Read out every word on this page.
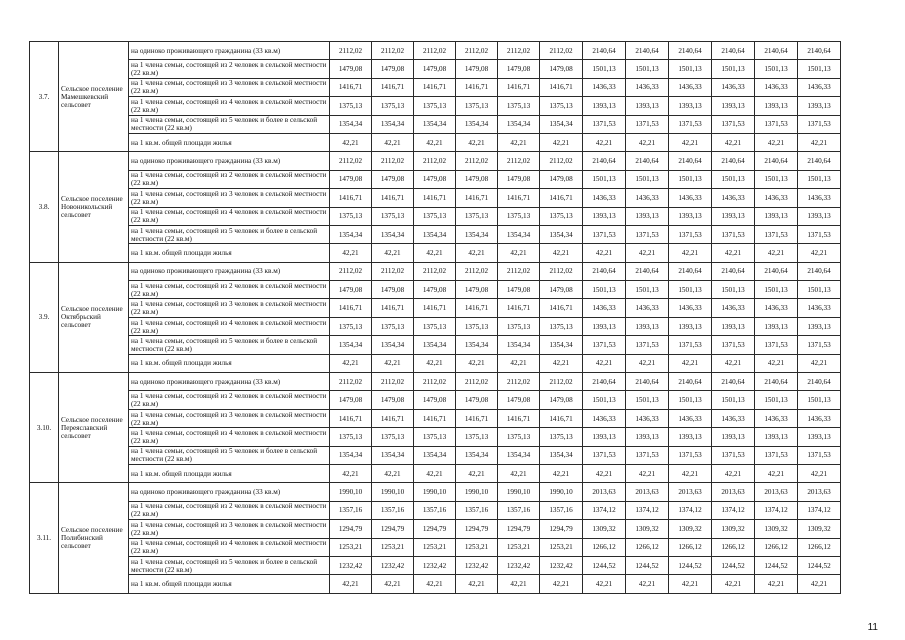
3.7.	Сельское поселение Мамешкевский сельсовет	на одиноко проживающего гражданина (33 кв.м)	2112,02	2112,02	2112,02	2112,02	2112,02	2112,02	2140,64	2140,64	2140,64	2140,64	2140,64	2140,64
		на 1 члена семьи, состоящей из 2 человек в сельской местности (22 кв.м)	1479,08	1479,08	1479,08	1479,08	1479,08	1479,08	1501,13	1501,13	1501,13	1501,13	1501,13	1501,13
		на 1 члена семьи, состоящей из 3 человек в сельской местности (22 кв.м)	1416,71	1416,71	1416,71	1416,71	1416,71	1416,71	1436,33	1436,33	1436,33	1436,33	1436,33	1436,33
		на 1 члена семьи, состоящей из 4 человек в сельской местности (22 кв.м)	1375,13	1375,13	1375,13	1375,13	1375,13	1375,13	1393,13	1393,13	1393,13	1393,13	1393,13	1393,13
		на 1 члена семьи, состоящей из 5 человек и более в сельской местности (22 кв.м)	1354,34	1354,34	1354,34	1354,34	1354,34	1354,34	1371,53	1371,53	1371,53	1371,53	1371,53	1371,53
		на 1 кв.м. общей площади жилья	42,21	42,21	42,21	42,21	42,21	42,21	42,21	42,21	42,21	42,21	42,21	42,21
3.8.	Сельское поселение Новоникольский сельсовет	на одиноко проживающего гражданина (33 кв.м)	2112,02	2112,02	2112,02	2112,02	2112,02	2112,02	2140,64	2140,64	2140,64	2140,64	2140,64	2140,64
		на 1 члена семьи, состоящей из 2 человек в сельской местности (22 кв.м)	1479,08	1479,08	1479,08	1479,08	1479,08	1479,08	1501,13	1501,13	1501,13	1501,13	1501,13	1501,13
		на 1 члена семьи, состоящей из 3 человек в сельской местности (22 кв.м)	1416,71	1416,71	1416,71	1416,71	1416,71	1416,71	1436,33	1436,33	1436,33	1436,33	1436,33	1436,33
		на 1 члена семьи, состоящей из 4 человек в сельской местности (22 кв.м)	1375,13	1375,13	1375,13	1375,13	1375,13	1375,13	1393,13	1393,13	1393,13	1393,13	1393,13	1393,13
		на 1 члена семьи, состоящей из 5 человек и более в сельской местности (22 кв.м)	1354,34	1354,34	1354,34	1354,34	1354,34	1354,34	1371,53	1371,53	1371,53	1371,53	1371,53	1371,53
		на 1 кв.м. общей площади жилья	42,21	42,21	42,21	42,21	42,21	42,21	42,21	42,21	42,21	42,21	42,21	42,21
3.9.	Сельское поселение Октябрьский сельсовет	на одиноко проживающего гражданина (33 кв.м)	2112,02	2112,02	2112,02	2112,02	2112,02	2112,02	2140,64	2140,64	2140,64	2140,64	2140,64	2140,64
		на 1 члена семьи, состоящей из 2 человек в сельской местности (22 кв.м)	1479,08	1479,08	1479,08	1479,08	1479,08	1479,08	1501,13	1501,13	1501,13	1501,13	1501,13	1501,13
		на 1 члена семьи, состоящей из 3 человек в сельской местности (22 кв.м)	1416,71	1416,71	1416,71	1416,71	1416,71	1416,71	1436,33	1436,33	1436,33	1436,33	1436,33	1436,33
		на 1 члена семьи, состоящей из 4 человек в сельской местности (22 кв.м)	1375,13	1375,13	1375,13	1375,13	1375,13	1375,13	1393,13	1393,13	1393,13	1393,13	1393,13	1393,13
		на 1 члена семьи, состоящей из 5 человек и более в сельской местности (22 кв.м)	1354,34	1354,34	1354,34	1354,34	1354,34	1354,34	1371,53	1371,53	1371,53	1371,53	1371,53	1371,53
		на 1 кв.м. общей площади жилья	42,21	42,21	42,21	42,21	42,21	42,21	42,21	42,21	42,21	42,21	42,21	42,21
3.10.	Сельское поселение Переяславский сельсовет	на одиноко проживающего гражданина (33 кв.м)	2112,02	2112,02	2112,02	2112,02	2112,02	2112,02	2140,64	2140,64	2140,64	2140,64	2140,64	2140,64
		на 1 члена семьи, состоящей из 2 человек в сельской местности (22 кв.м)	1479,08	1479,08	1479,08	1479,08	1479,08	1479,08	1501,13	1501,13	1501,13	1501,13	1501,13	1501,13
		на 1 члена семьи, состоящей из 3 человек в сельской местности (22 кв.м)	1416,71	1416,71	1416,71	1416,71	1416,71	1416,71	1436,33	1436,33	1436,33	1436,33	1436,33	1436,33
		на 1 члена семьи, состоящей из 4 человек в сельской местности (22 кв.м)	1375,13	1375,13	1375,13	1375,13	1375,13	1375,13	1393,13	1393,13	1393,13	1393,13	1393,13	1393,13
		на 1 члена семьи, состоящей из 5 человек и более в сельской местности (22 кв.м)	1354,34	1354,34	1354,34	1354,34	1354,34	1354,34	1371,53	1371,53	1371,53	1371,53	1371,53	1371,53
		на 1 кв.м. общей площади жилья	42,21	42,21	42,21	42,21	42,21	42,21	42,21	42,21	42,21	42,21	42,21	42,21
3.11.	Сельское поселение Полибинский сельсовет	на одиноко проживающего гражданина (33 кв.м)	1990,10	1990,10	1990,10	1990,10	1990,10	1990,10	2013,63	2013,63	2013,63	2013,63	2013,63	2013,63
		на 1 члена семьи, состоящей из 2 человек в сельской местности (22 кв.м)	1357,16	1357,16	1357,16	1357,16	1357,16	1357,16	1374,12	1374,12	1374,12	1374,12	1374,12	1374,12
		на 1 члена семьи, состоящей из 3 человек в сельской местности (22 кв.м)	1294,79	1294,79	1294,79	1294,79	1294,79	1294,79	1309,32	1309,32	1309,32	1309,32	1309,32	1309,32
		на 1 члена семьи, состоящей из 4 человек в сельской местности (22 кв.м)	1253,21	1253,21	1253,21	1253,21	1253,21	1253,21	1266,12	1266,12	1266,12	1266,12	1266,12	1266,12
		на 1 члена семьи, состоящей из 5 человек и более в сельской местности (22 кв.м)	1232,42	1232,42	1232,42	1232,42	1232,42	1232,42	1244,52	1244,52	1244,52	1244,52	1244,52	1244,52
		на 1 кв.м. общей площади жилья	42,21	42,21	42,21	42,21	42,21	42,21	42,21	42,21	42,21	42,21	42,21	42,21
11
